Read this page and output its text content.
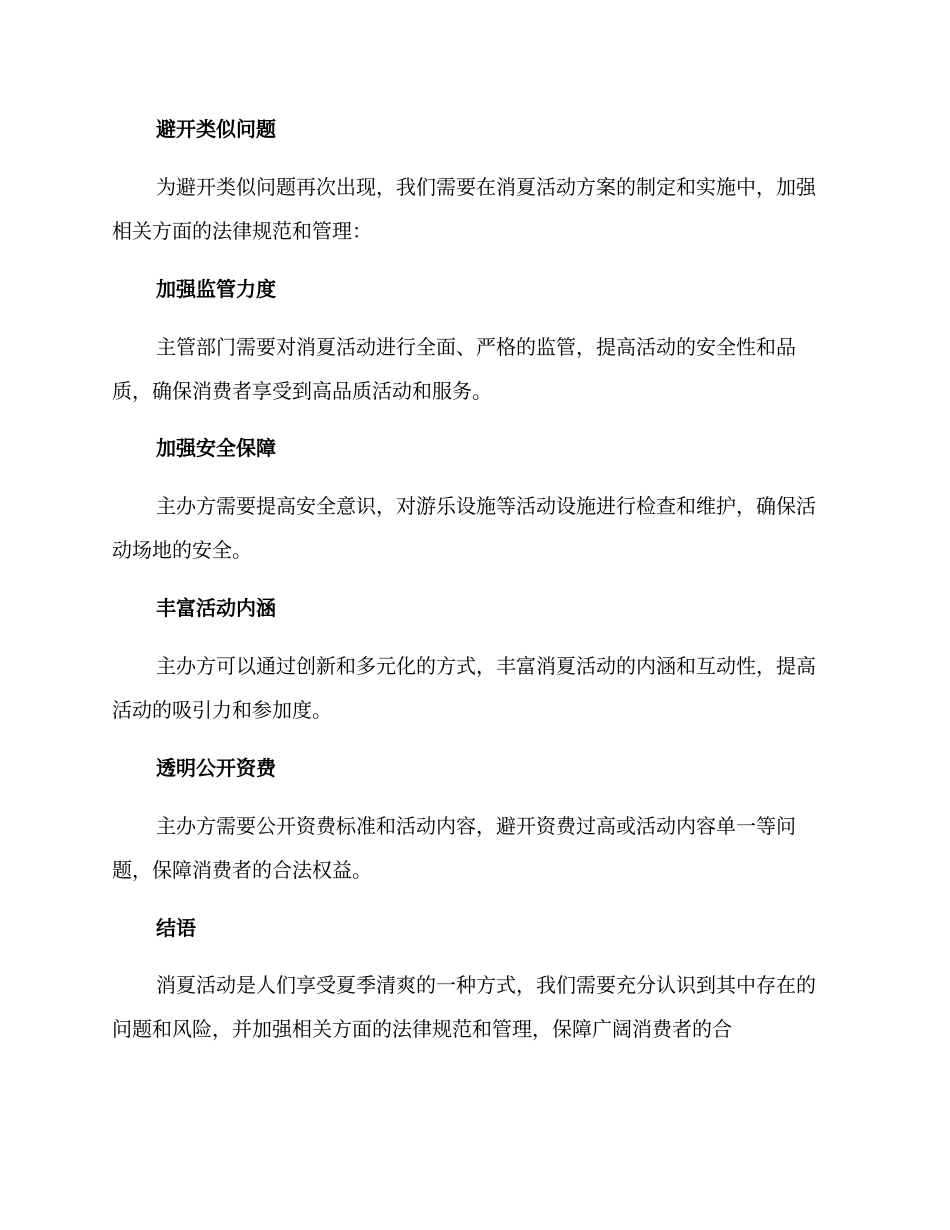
避开类似问题
为避开类似问题再次出现，我们需要在消夏活动方案的制定和实施中，加强相关方面的法律规范和管理：
加强监管力度
主管部门需要对消夏活动进行全面、严格的监管，提高活动的安全性和品质，确保消费者享受到高品质活动和服务。
加强安全保障
主办方需要提高安全意识，对游乐设施等活动设施进行检查和维护，确保活动场地的安全。
丰富活动内涵
主办方可以通过创新和多元化的方式，丰富消夏活动的内涵和互动性，提高活动的吸引力和参加度。
透明公开资费
主办方需要公开资费标准和活动内容，避开资费过高或活动内容单一等问题，保障消费者的合法权益。
结语
消夏活动是人们享受夏季清爽的一种方式，我们需要充分认识到其中存在的问题和风险，并加强相关方面的法律规范和管理，保障广阔消费者的合
